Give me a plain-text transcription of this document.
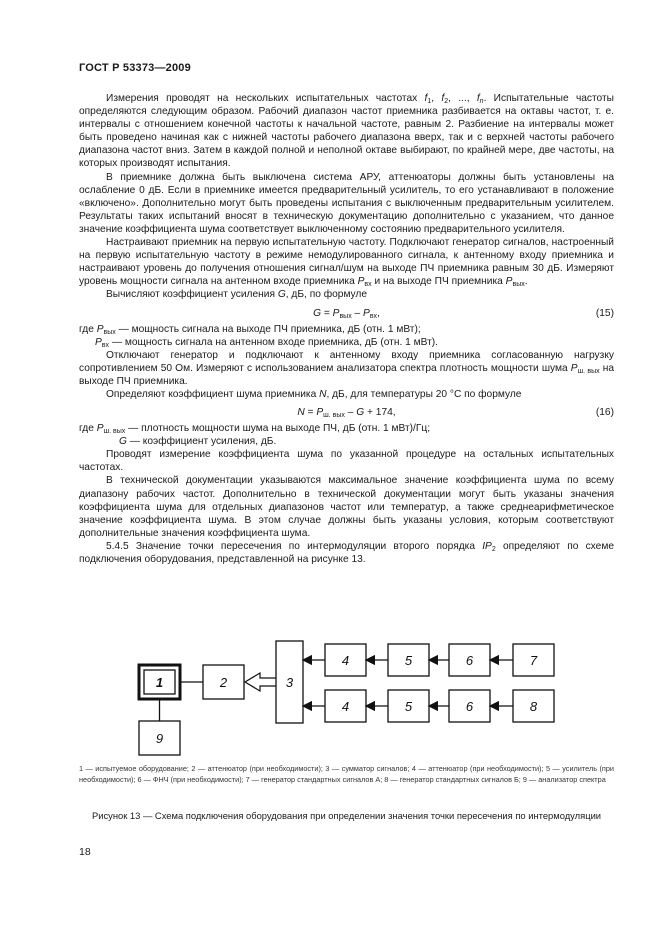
ГОСТ Р 53373—2009

Измерения проводят на нескольких испытательных частотах $f_1$, $f_2$, ..., $f_n$. Испытательные частоты определяются следующим образом. Рабочий диапазон частот приемника разбивается на октавы частот, т. е. интервалы с отношением конечной частоты к начальной частоте, равным 2. Разбиение на интервалы может быть проведено начиная как с нижней частоты рабочего диапазона вверх, так и с верхней частоты рабочего диапазона частот вниз. Затем в каждой полной и неполной октаве выбирают, по крайней мере, две частоты, на которых производят испытания.

В приемнике должна быть выключена система АРУ, аттенюаторы должны быть установлены на ослабление 0 дБ. Если в приемнике имеется предварительный усилитель, то его устанавливают в положение «включено». Дополнительно могут быть проведены испытания с выключенным предварительным усилителем. Результаты таких испытаний вносят в техническую документацию дополнительно с указанием, что данное значение коэффициента шума соответствует выключенному состоянию предварительного усилителя.

Настраивают приемник на первую испытательную частоту. Подключают генератор сигналов, настроенный на первую испытательную частоту в режиме немодулированного сигнала, к антенному входу приемника и настраивают уровень до получения отношения сигнал/шум на выходе ПЧ приемника равным 30 дБ. Измеряют уровень мощности сигнала на антенном входе приемника $P_{вх}$ и на выходе ПЧ приемника $P_{вых}$.

Вычисляют коэффициент усиления G, дБ, по формуле

$G = P_{вых} - P_{вх}$,	(15)

где $P_{вых}$ — мощность сигнала на выходе ПЧ приемника, дБ (отн. 1 мВт);

$P_{вх}$ — мощность сигнала на антенном входе приемника, дБ (отн. 1 мВт).

Отключают генератор и подключают к антенному входу приемника согласованную нагрузку сопротивлением 50 Ом. Измеряют с использованием анализатора спектра плотность мощности шума $P_{ш. вых}$ на выходе ПЧ приемника.

Определяют коэффициент шума приемника N, дБ, для температуры 20 °С по формуле

$N = P_{ш. вых} - G + 174$,	(16)

где $P_{ш. вых}$ — плотность мощности шума на выходе ПЧ, дБ (отн. 1 мВт)/Гц;

G — коэффициент усиления, дБ.

Проводят измерение коэффициента шума по указанной процедуре на остальных испытательных частотах.

В технической документации указываются максимальное значение коэффициента шума по всему диапазону рабочих частот. Дополнительно в технической документации могут быть указаны значения коэффициента шума для отдельных диапазонов частот или температур, а также среднеарифметическое значение коэффициента шума. В этом случае должны быть указаны условия, которым соответствуют дополнительные значения коэффициента шума.

5.4.5 Значение точки пересечения по интермодуляции второго порядка $IP_2$ определяют по схеме подключения оборудования, представленной на рисунке 13.

1	2	3
4	5	6	7
4	5	6	8
9
1 — испытуемое оборудование; 2 — аттенюатор (при необходимости); 3 — сумматор сигналов; 4 — аттенюатор (при необходимости); 5 — усилитель (при необходимости); 6 — ФНЧ (при необходимости); 7 — генератор стандартных сигналов А; 8 — генератор стандартных сигналов Б; 9 — анализатор спектра
Рисунок 13 — Схема подключения оборудования при определении значения точки пересечения по интермодуляции
18
